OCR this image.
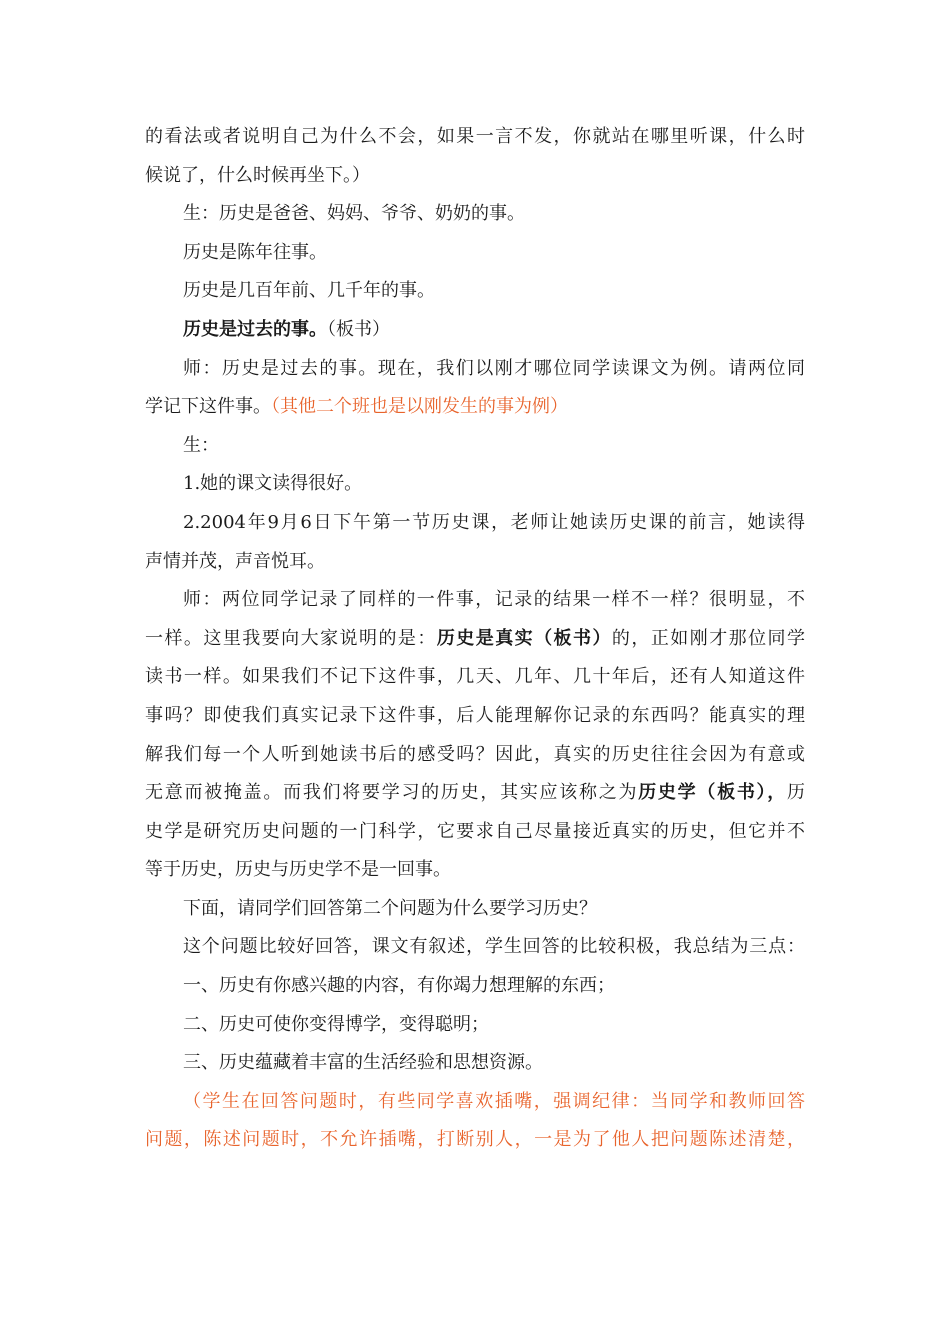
的看法或者说明自己为什么不会，如果一言不发，你就站在哪里听课，什么时
候说了，什么时候再坐下。）
生：历史是爸爸、妈妈、爷爷、奶奶的事。
历史是陈年往事。
历史是几百年前、几千年的事。
历史是过去的事。（板书）
师：历史是过去的事。现在，我们以刚才哪位同学读课文为例。请两位同
学记下这件事。（其他二个班也是以刚发生的事为例）
生：
1.她的课文读得很好。
2.2004年9月6日下午第一节历史课，老师让她读历史课的前言，她读得
声情并茂，声音悦耳。
师：两位同学记录了同样的一件事，记录的结果一样不一样？很明显，不
一样。这里我要向大家说明的是：历史是真实（板书）的，正如刚才那位同学
读书一样。如果我们不记下这件事，几天、几年、几十年后，还有人知道这件
事吗？即使我们真实记录下这件事，后人能理解你记录的东西吗？能真实的理
解我们每一个人听到她读书后的感受吗？因此，真实的历史往往会因为有意或
无意而被掩盖。而我们将要学习的历史，其实应该称之为历史学（板书），历
史学是研究历史问题的一门科学，它要求自己尽量接近真实的历史，但它并不
等于历史，历史与历史学不是一回事。
下面，请同学们回答第二个问题为什么要学习历史？
这个问题比较好回答，课文有叙述，学生回答的比较积极，我总结为三点：
一、历史有你感兴趣的内容，有你竭力想理解的东西；
二、历史可使你变得博学，变得聪明；
三、历史蕴藏着丰富的生活经验和思想资源。
（学生在回答问题时，有些同学喜欢插嘴，强调纪律：当同学和教师回答
问题，陈述问题时，不允许插嘴，打断别人，一是为了他人把问题陈述清楚，
